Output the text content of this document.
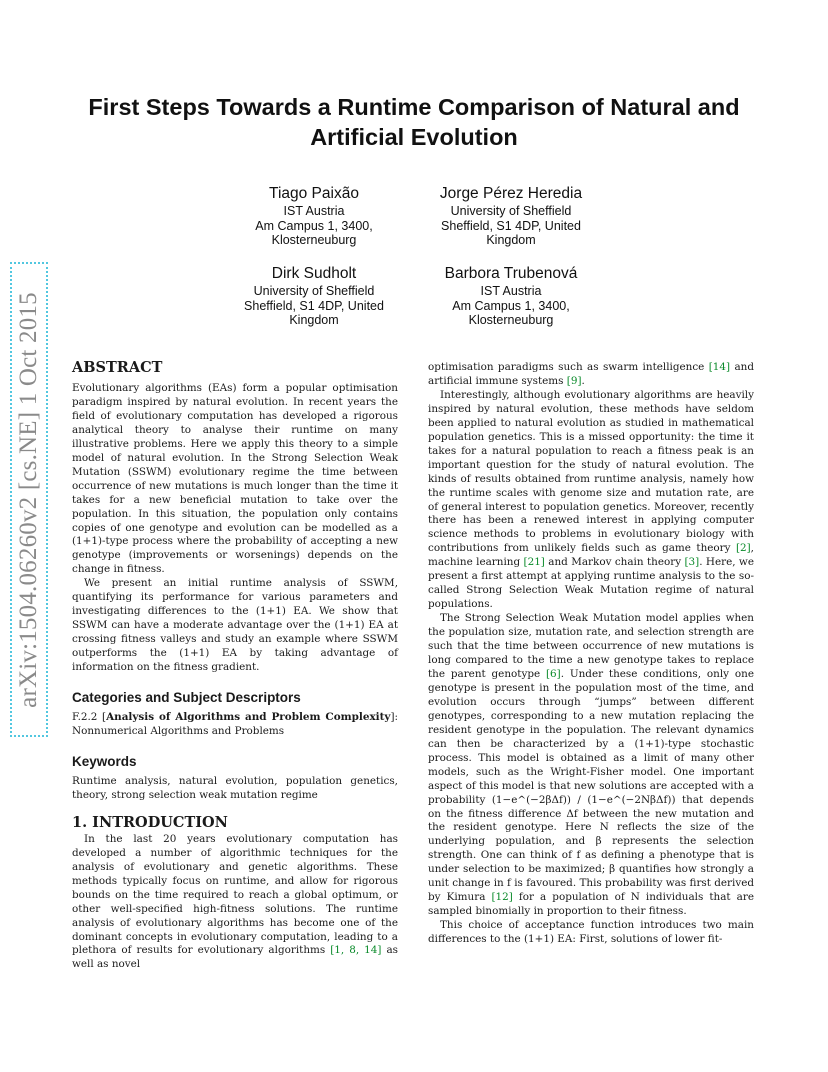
arXiv:1504.06260v2 [cs.NE] 1 Oct 2015
First Steps Towards a Runtime Comparison of Natural and Artificial Evolution
Tiago Paixão
IST Austria
Am Campus 1, 3400,
Klosterneuburg
Jorge Pérez Heredia
University of Sheffield
Sheffield, S1 4DP, United
Kingdom
Dirk Sudholt
University of Sheffield
Sheffield, S1 4DP, United
Kingdom
Barbora Trubenová
IST Austria
Am Campus 1, 3400,
Klosterneuburg
ABSTRACT

Evolutionary algorithms (EAs) form a popular optimisation paradigm inspired by natural evolution. In recent years the field of evolutionary computation has developed a rigorous analytical theory to analyse their runtime on many illustrative problems. Here we apply this theory to a simple model of natural evolution. In the Strong Selection Weak Mutation (SSWM) evolutionary regime the time between occurrence of new mutations is much longer than the time it takes for a new beneficial mutation to take over the population. In this situation, the population only contains copies of one genotype and evolution can be modelled as a (1+1)-type process where the probability of accepting a new genotype (improvements or worsenings) depends on the change in fitness.

We present an initial runtime analysis of SSWM, quantifying its performance for various parameters and investigating differences to the (1+1) EA. We show that SSWM can have a moderate advantage over the (1+1) EA at crossing fitness valleys and study an example where SSWM outperforms the (1+1) EA by taking advantage of information on the fitness gradient.

Categories and Subject Descriptors

F.2.2 [Analysis of Algorithms and Problem Complexity]: Nonnumerical Algorithms and Problems

Keywords

Runtime analysis, natural evolution, population genetics, theory, strong selection weak mutation regime

1. INTRODUCTION

In the last 20 years evolutionary computation has developed a number of algorithmic techniques for the analysis of evolutionary and genetic algorithms. These methods typically focus on runtime, and allow for rigorous bounds on the time required to reach a global optimum, or other well-specified high-fitness solutions. The runtime analysis of evolutionary algorithms has become one of the dominant concepts in evolutionary computation, leading to a plethora of results for evolutionary algorithms [1, 8, 14] as well as novel

optimisation paradigms such as swarm intelligence [14] and artificial immune systems [9].

Interestingly, although evolutionary algorithms are heavily inspired by natural evolution, these methods have seldom been applied to natural evolution as studied in mathematical population genetics. This is a missed opportunity: the time it takes for a natural population to reach a fitness peak is an important question for the study of natural evolution. The kinds of results obtained from runtime analysis, namely how the runtime scales with genome size and mutation rate, are of general interest to population genetics. Moreover, recently there has been a renewed interest in applying computer science methods to problems in evolutionary biology with contributions from unlikely fields such as game theory [2], machine learning [21] and Markov chain theory [3]. Here, we present a first attempt at applying runtime analysis to the so-called Strong Selection Weak Mutation regime of natural populations.

The Strong Selection Weak Mutation model applies when the population size, mutation rate, and selection strength are such that the time between occurrence of new mutations is long compared to the time a new genotype takes to replace the parent genotype [6]. Under these conditions, only one genotype is present in the population most of the time, and evolution occurs through “jumps” between different genotypes, corresponding to a new mutation replacing the resident genotype in the population. The relevant dynamics can then be characterized by a (1+1)-type stochastic process. This model is obtained as a limit of many other models, such as the Wright-Fisher model. One important aspect of this model is that new solutions are accepted with a probability (1−e^(−2βΔf)) / (1−e^(−2NβΔf)) that depends on the fitness difference Δf between the new mutation and the resident genotype. Here N reflects the size of the underlying population, and β represents the selection strength. One can think of f as defining a phenotype that is under selection to be maximized; β quantifies how strongly a unit change in f is favoured. This probability was first derived by Kimura [12] for a population of N individuals that are sampled binomially in proportion to their fitness.

This choice of acceptance function introduces two main differences to the (1+1) EA: First, solutions of lower fit-
